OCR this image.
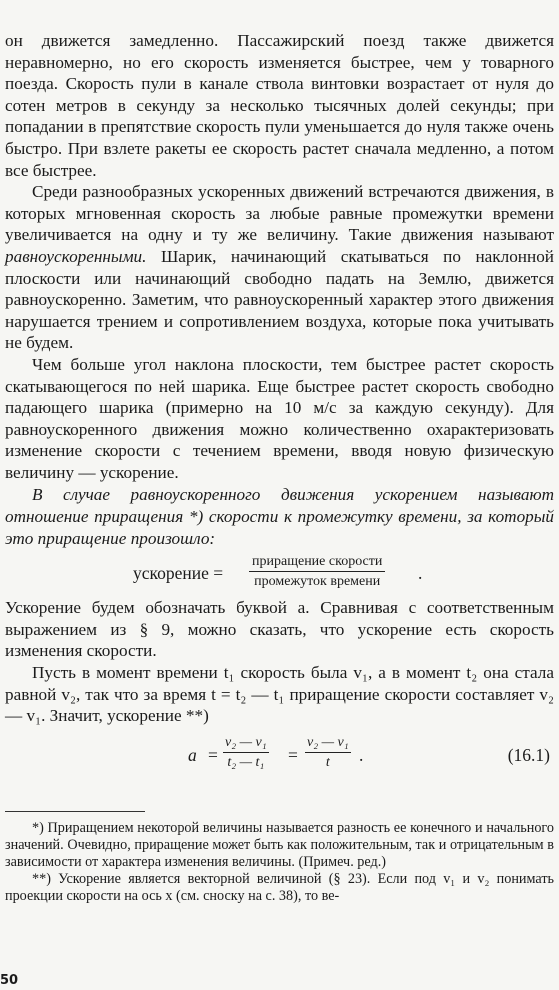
он движется замедленно. Пассажирский поезд также движется неравномерно, но его скорость изменяется быстрее, чем у товарного поезда. Скорость пули в канале ствола винтовки возрастает от нуля до сотен метров в секунду за несколько тысячных долей секунды; при попадании в препятствие скорость пули уменьшается до нуля также очень быстро. При взлете ракеты ее скорость растет сначала медленно, а потом все быстрее.

Среди разнообразных ускоренных движений встречаются движения, в которых мгновенная скорость за любые равные промежутки времени увеличивается на одну и ту же величину. Такие движения называют равноускоренными. Шарик, начинающий скатываться по наклонной плоскости или начинающий свободно падать на Землю, движется равноускоренно. Заметим, что равноускоренный характер этого движения нарушается трением и сопротивлением воздуха, которые пока учитывать не будем.

Чем больше угол наклона плоскости, тем быстрее растет скорость скатывающегося по ней шарика. Еще быстрее растет скорость свободно падающего шарика (примерно на 10 м/с за каждую секунду). Для равноускоренного движения можно количественно охарактеризовать изменение скорости с течением времени, вводя новую физическую величину — ускорение.

В случае равноускоренного движения ускорением называют отношение приращения *) скорости к промежутку времени, за который это приращение произошло:

ускорение =
приращение скорости
промежуток времени .

Ускорение будем обозначать буквой а. Сравнивая с соответственным выражением из § 9, можно сказать, что ускорение есть скорость изменения скорости.

Пусть в момент времени t₁ скорость была v₁, а в момент t₂ она стала равной v₂, так что за время t = t₂ — t₁ приращение скорости составляет v₂ — v₁. Значит, ускорение **)

$a = \frac{\text{v₂ — v₁}}{\text{t₂ — t₁}} = \frac{\text{v₂ — v₁}}{t}$ .	(16.1)

*) Приращением некоторой величины называется разность ее конечного и начального значений. Очевидно, приращение может быть как положительным, так и отрицательным в зависимости от характера изменения величины. (Примеч. ред.)

**) Ускорение является векторной величиной (§ 23). Если под v₁ и v₂ понимать проекции скорости на ось x (см. сноску на с. 38), то ве-

50
